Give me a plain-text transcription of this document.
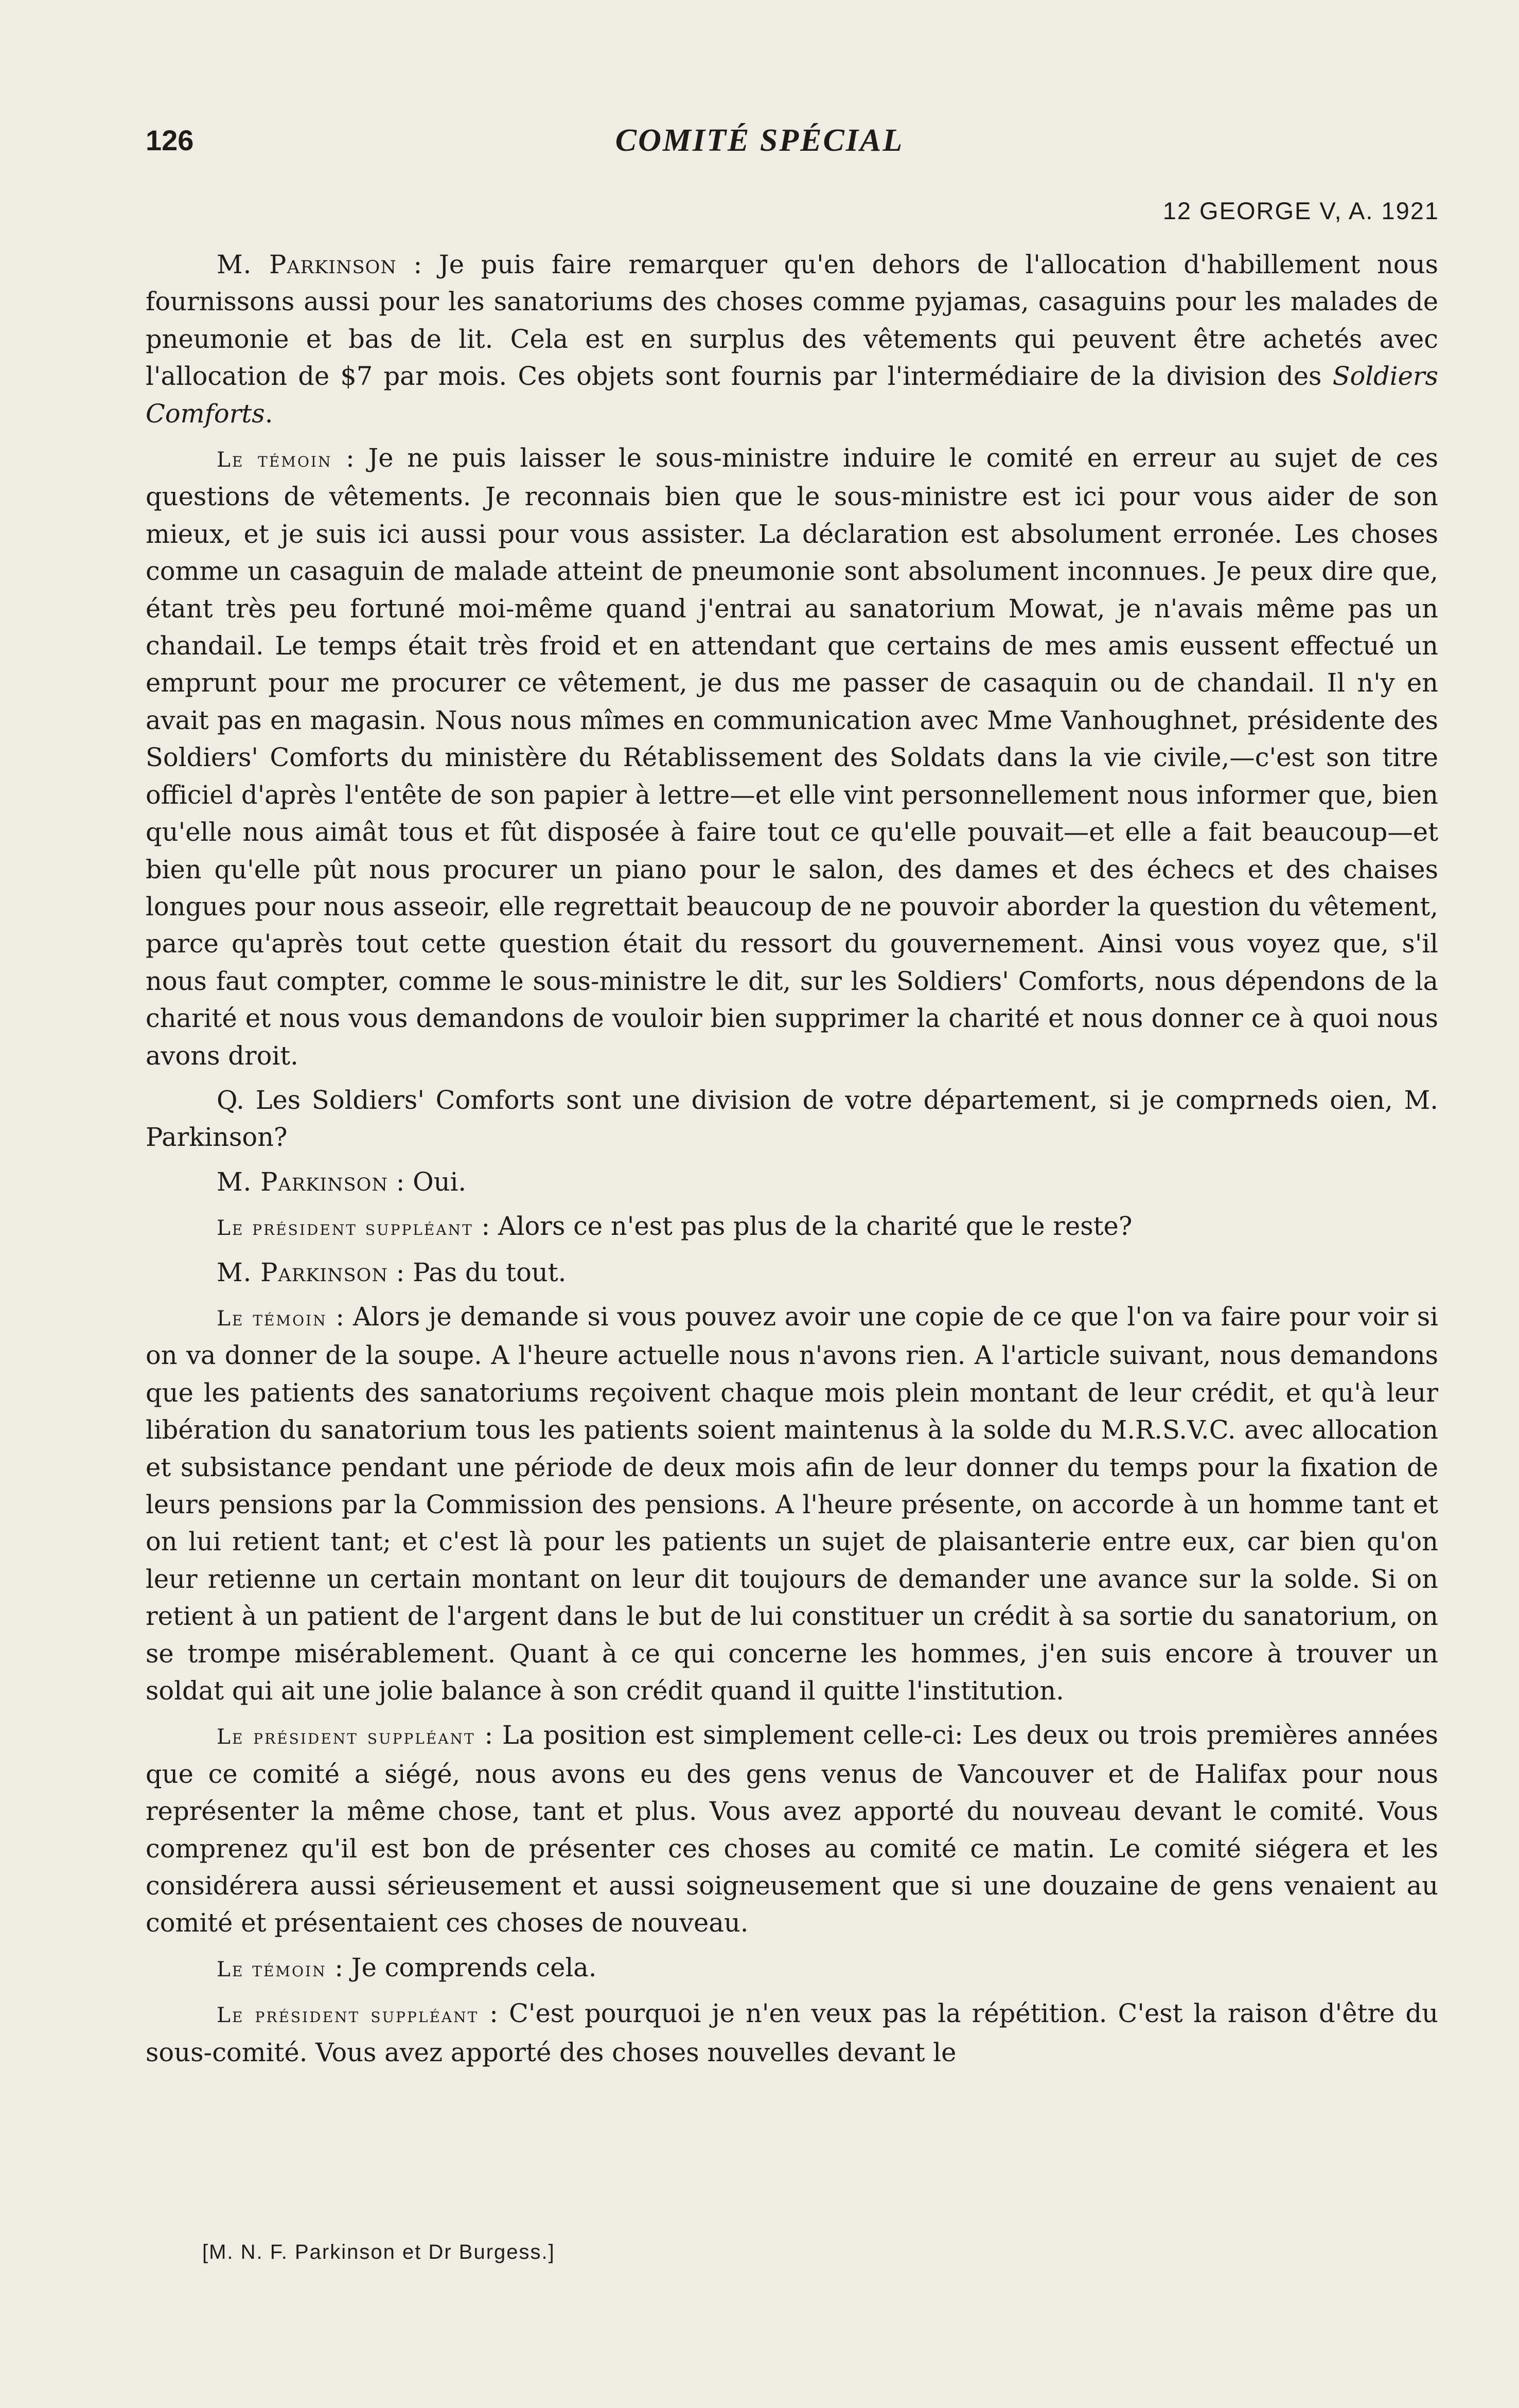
126	COMITÉ SPÉCIAL
12 GEORGE V, A. 1921

M. Parkinson : Je puis faire remarquer qu'en dehors de l'allocation d'habillement nous fournissons aussi pour les sanatoriums des choses comme pyjamas, casaguins pour les malades de pneumonie et bas de lit. Cela est en surplus des vêtements qui peuvent être achetés avec l'allocation de $7 par mois. Ces objets sont fournis par l'intermédiaire de la division des Soldiers Comforts.

Le témoin : Je ne puis laisser le sous-ministre induire le comité en erreur au sujet de ces questions de vêtements. Je reconnais bien que le sous-ministre est ici pour vous aider de son mieux, et je suis ici aussi pour vous assister. La déclaration est absolument erronée. Les choses comme un casaguin de malade atteint de pneumonie sont absolument inconnues. Je peux dire que, étant très peu fortuné moi-même quand j'entrai au sanatorium Mowat, je n'avais même pas un chandail. Le temps était très froid et en attendant que certains de mes amis eussent effectué un emprunt pour me procurer ce vêtement, je dus me passer de casaquin ou de chandail. Il n'y en avait pas en magasin. Nous nous mîmes en communication avec Mme Vanhoughnet, présidente des Soldiers' Comforts du ministère du Rétablissement des Soldats dans la vie civile,—c'est son titre officiel d'après l'entête de son papier à lettre—et elle vint personnellement nous informer que, bien qu'elle nous aimât tous et fût disposée à faire tout ce qu'elle pouvait—et elle a fait beaucoup—et bien qu'elle pût nous procurer un piano pour le salon, des dames et des échecs et des chaises longues pour nous asseoir, elle regrettait beaucoup de ne pouvoir aborder la question du vêtement, parce qu'après tout cette question était du ressort du gouvernement. Ainsi vous voyez que, s'il nous faut compter, comme le sous-ministre le dit, sur les Soldiers' Comforts, nous dépendons de la charité et nous vous demandons de vouloir bien supprimer la charité et nous donner ce à quoi nous avons droit.

Q. Les Soldiers' Comforts sont une division de votre département, si je comprneds oien, M. Parkinson?

M. Parkinson : Oui.

Le président suppléant : Alors ce n'est pas plus de la charité que le reste?

M. Parkinson : Pas du tout.

Le témoin : Alors je demande si vous pouvez avoir une copie de ce que l'on va faire pour voir si on va donner de la soupe. A l'heure actuelle nous n'avons rien. A l'article suivant, nous demandons que les patients des sanatoriums reçoivent chaque mois plein montant de leur crédit, et qu'à leur libération du sanatorium tous les patients soient maintenus à la solde du M.R.S.V.C. avec allocation et subsistance pendant une période de deux mois afin de leur donner du temps pour la fixation de leurs pensions par la Commission des pensions. A l'heure présente, on accorde à un homme tant et on lui retient tant; et c'est là pour les patients un sujet de plaisanterie entre eux, car bien qu'on leur retienne un certain montant on leur dit toujours de demander une avance sur la solde. Si on retient à un patient de l'argent dans le but de lui constituer un crédit à sa sortie du sanatorium, on se trompe misérablement. Quant à ce qui concerne les hommes, j'en suis encore à trouver un soldat qui ait une jolie balance à son crédit quand il quitte l'institution.

Le président suppléant : La position est simplement celle-ci: Les deux ou trois premières années que ce comité a siégé, nous avons eu des gens venus de Vancouver et de Halifax pour nous représenter la même chose, tant et plus. Vous avez apporté du nouveau devant le comité. Vous comprenez qu'il est bon de présenter ces choses au comité ce matin. Le comité siégera et les considérera aussi sérieusement et aussi soigneusement que si une douzaine de gens venaient au comité et présentaient ces choses de nouveau.

Le témoin : Je comprends cela.

Le président suppléant : C'est pourquoi je n'en veux pas la répétition. C'est la raison d'être du sous-comité. Vous avez apporté des choses nouvelles devant le

[M. N. F. Parkinson et Dr Burgess.]
